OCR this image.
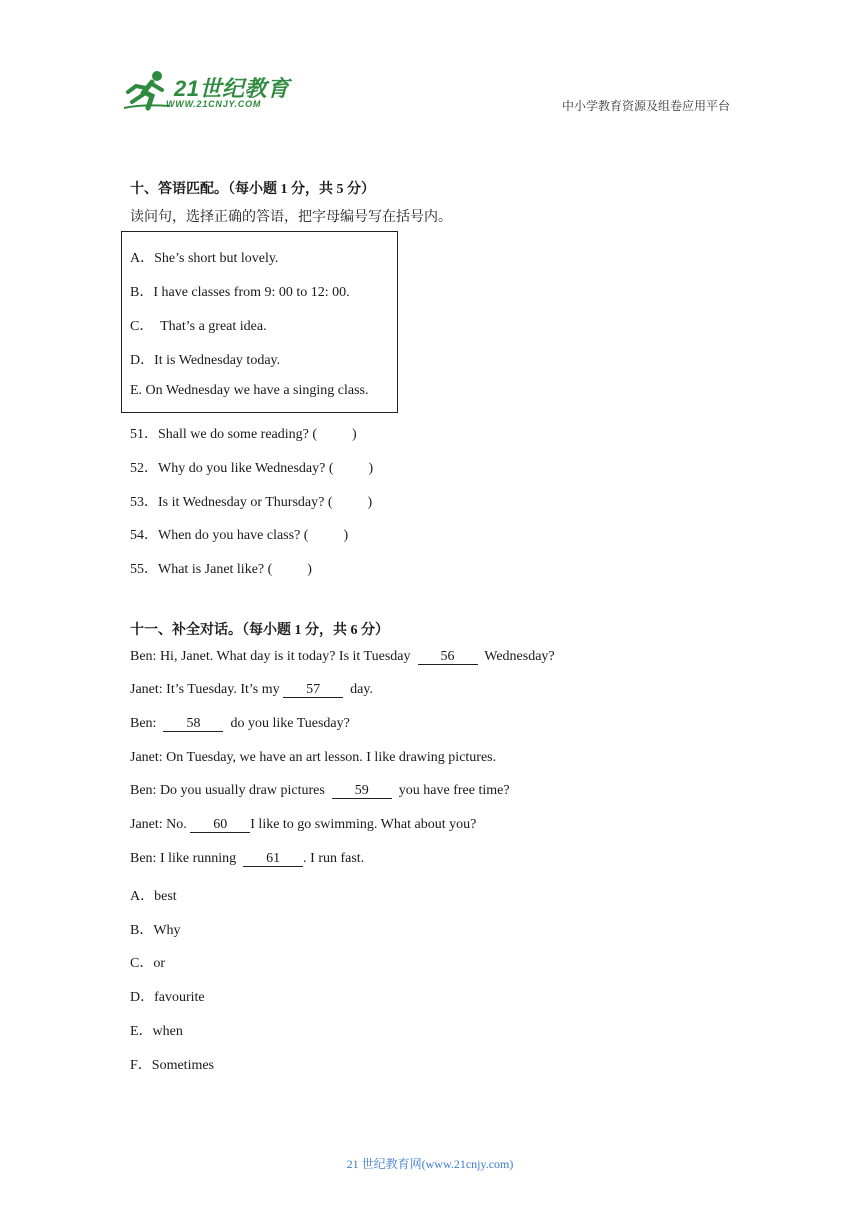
21世纪教育
WWW.21CNJY.COM	中小学教育资源及组卷应用平台
十、答语匹配。（每小题 1 分，共 5 分）
读问句，选择正确的答语，把字母编号写在括号内。
A．She’s short but lovely.
B．I have classes from 9: 00 to 12: 00.
C．  That’s a great idea.
D．It is Wednesday today.
E. On Wednesday we have a singing class.
51．Shall we do some reading? (          )
52．Why do you like Wednesday? (          )
53．Is it Wednesday or Thursday? (          )
54．When do you have class? (          )
55．What is Janet like? (          )
十一、补全对话。（每小题 1 分，共 6 分）
Ben: Hi, Janet. What day is it today? Is it Tuesday  56  Wednesday?
Janet: It’s Tuesday. It’s my 57  day.
Ben:  58  do you like Tuesday?
Janet: On Tuesday, we have an art lesson. I like drawing pictures.
Ben: Do you usually draw pictures  59  you have free time?
Janet: No. 60 I like to go swimming. What about you?
Ben: I like running  61 . I run fast.
A．best
B．Why
C．or
D．favourite
E．when
F．Sometimes
21 世纪教育网(www.21cnjy.com)
